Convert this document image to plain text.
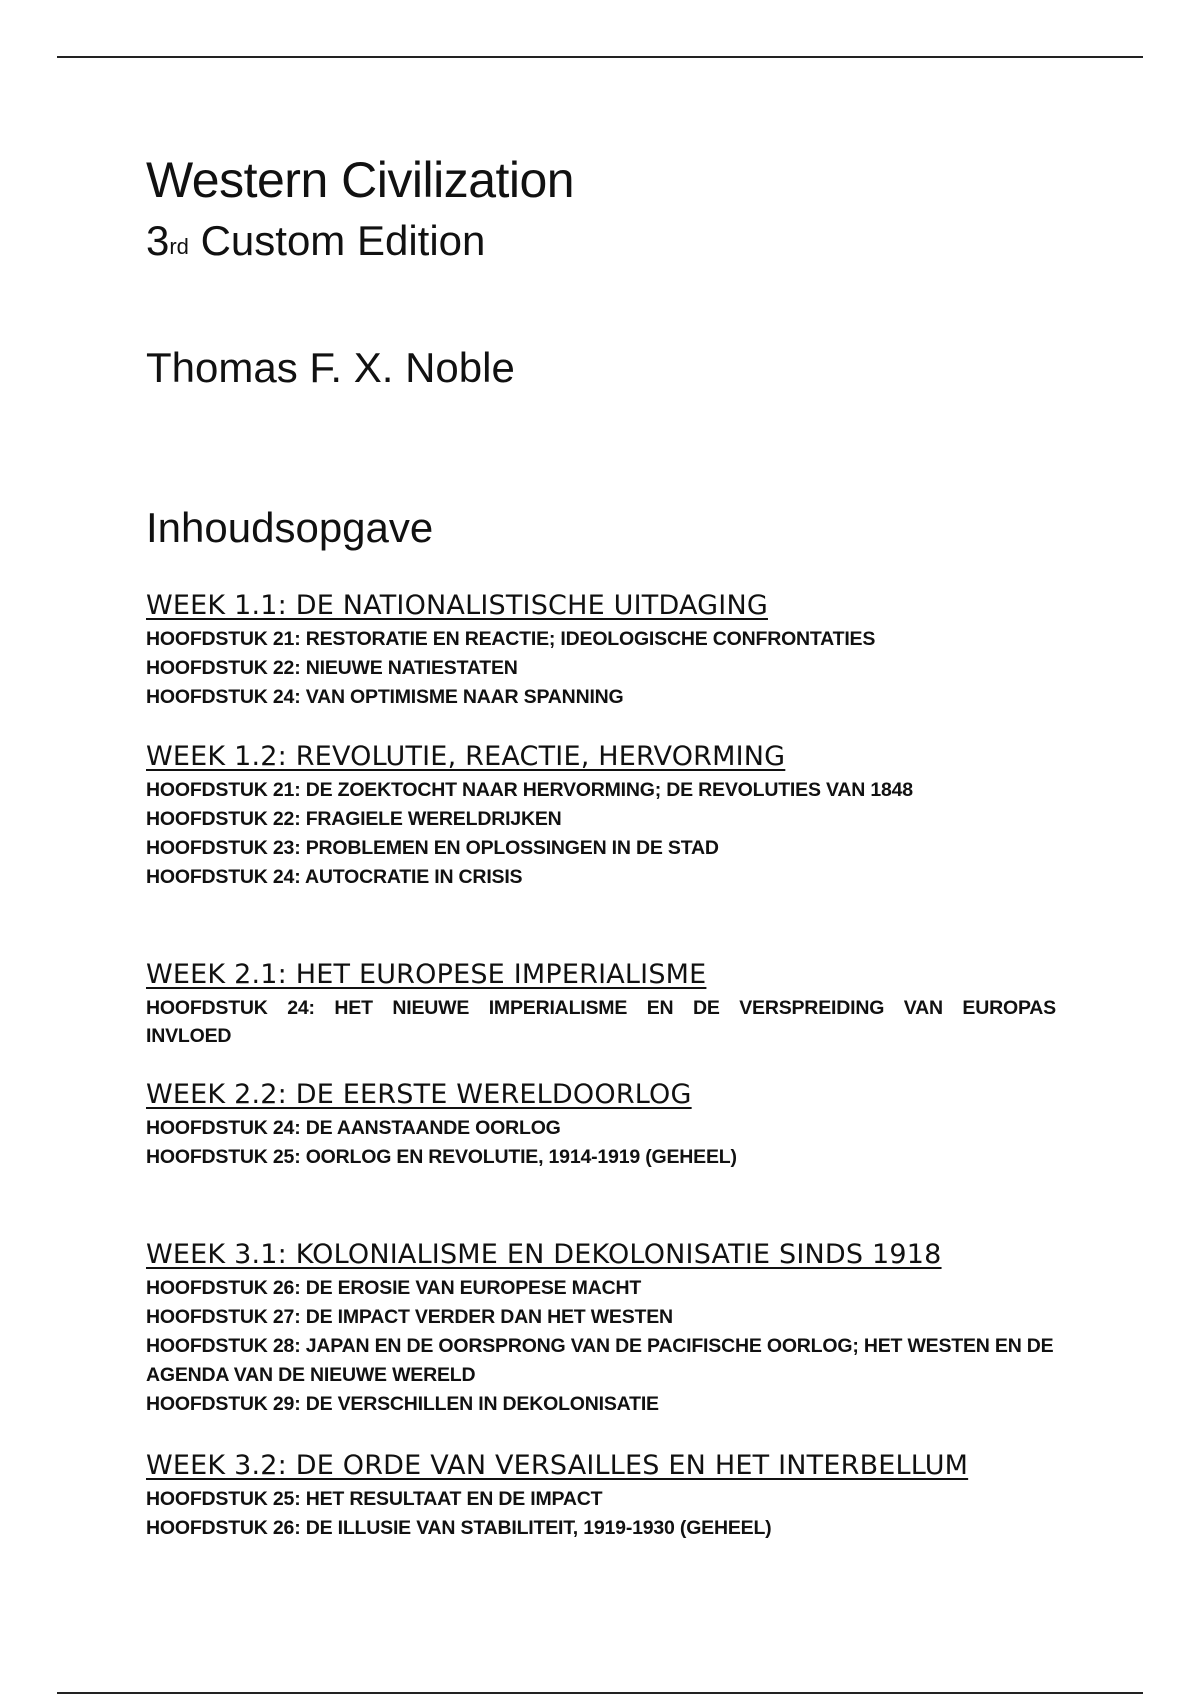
Western Civilization
3rd Custom Edition
Thomas F. X. Noble
Inhoudsopgave
WEEK 1.1: DE NATIONALISTISCHE UITDAGING
HOOFDSTUK 21: RESTORATIE EN REACTIE; IDEOLOGISCHE CONFRONTATIES
HOOFDSTUK 22: NIEUWE NATIESTATEN
HOOFDSTUK 24: VAN OPTIMISME NAAR SPANNING
WEEK 1.2: REVOLUTIE, REACTIE, HERVORMING
HOOFDSTUK 21: DE ZOEKTOCHT NAAR HERVORMING; DE REVOLUTIES VAN 1848
HOOFDSTUK 22: FRAGIELE WERELDRIJKEN
HOOFDSTUK 23: PROBLEMEN EN OPLOSSINGEN IN DE STAD
HOOFDSTUK 24: AUTOCRATIE IN CRISIS
WEEK 2.1: HET EUROPESE IMPERIALISME
HOOFDSTUK 24: HET NIEUWE IMPERIALISME EN DE VERSPREIDING VAN EUROPAS INVLOED
WEEK 2.2: DE EERSTE WERELDOORLOG
HOOFDSTUK 24: DE AANSTAANDE OORLOG
HOOFDSTUK 25: OORLOG EN REVOLUTIE, 1914-1919 (GEHEEL)
WEEK 3.1: KOLONIALISME EN DEKOLONISATIE SINDS 1918
HOOFDSTUK 26: DE EROSIE VAN EUROPESE MACHT
HOOFDSTUK 27: DE IMPACT VERDER DAN HET WESTEN
HOOFDSTUK 28: JAPAN EN DE OORSPRONG VAN DE PACIFISCHE OORLOG; HET WESTEN EN DE AGENDA VAN DE NIEUWE WERELD
HOOFDSTUK 29: DE VERSCHILLEN IN DEKOLONISATIE
WEEK 3.2: DE ORDE VAN VERSAILLES EN HET INTERBELLUM
HOOFDSTUK 25: HET RESULTAAT EN DE IMPACT
HOOFDSTUK 26: DE ILLUSIE VAN STABILITEIT, 1919-1930 (GEHEEL)
